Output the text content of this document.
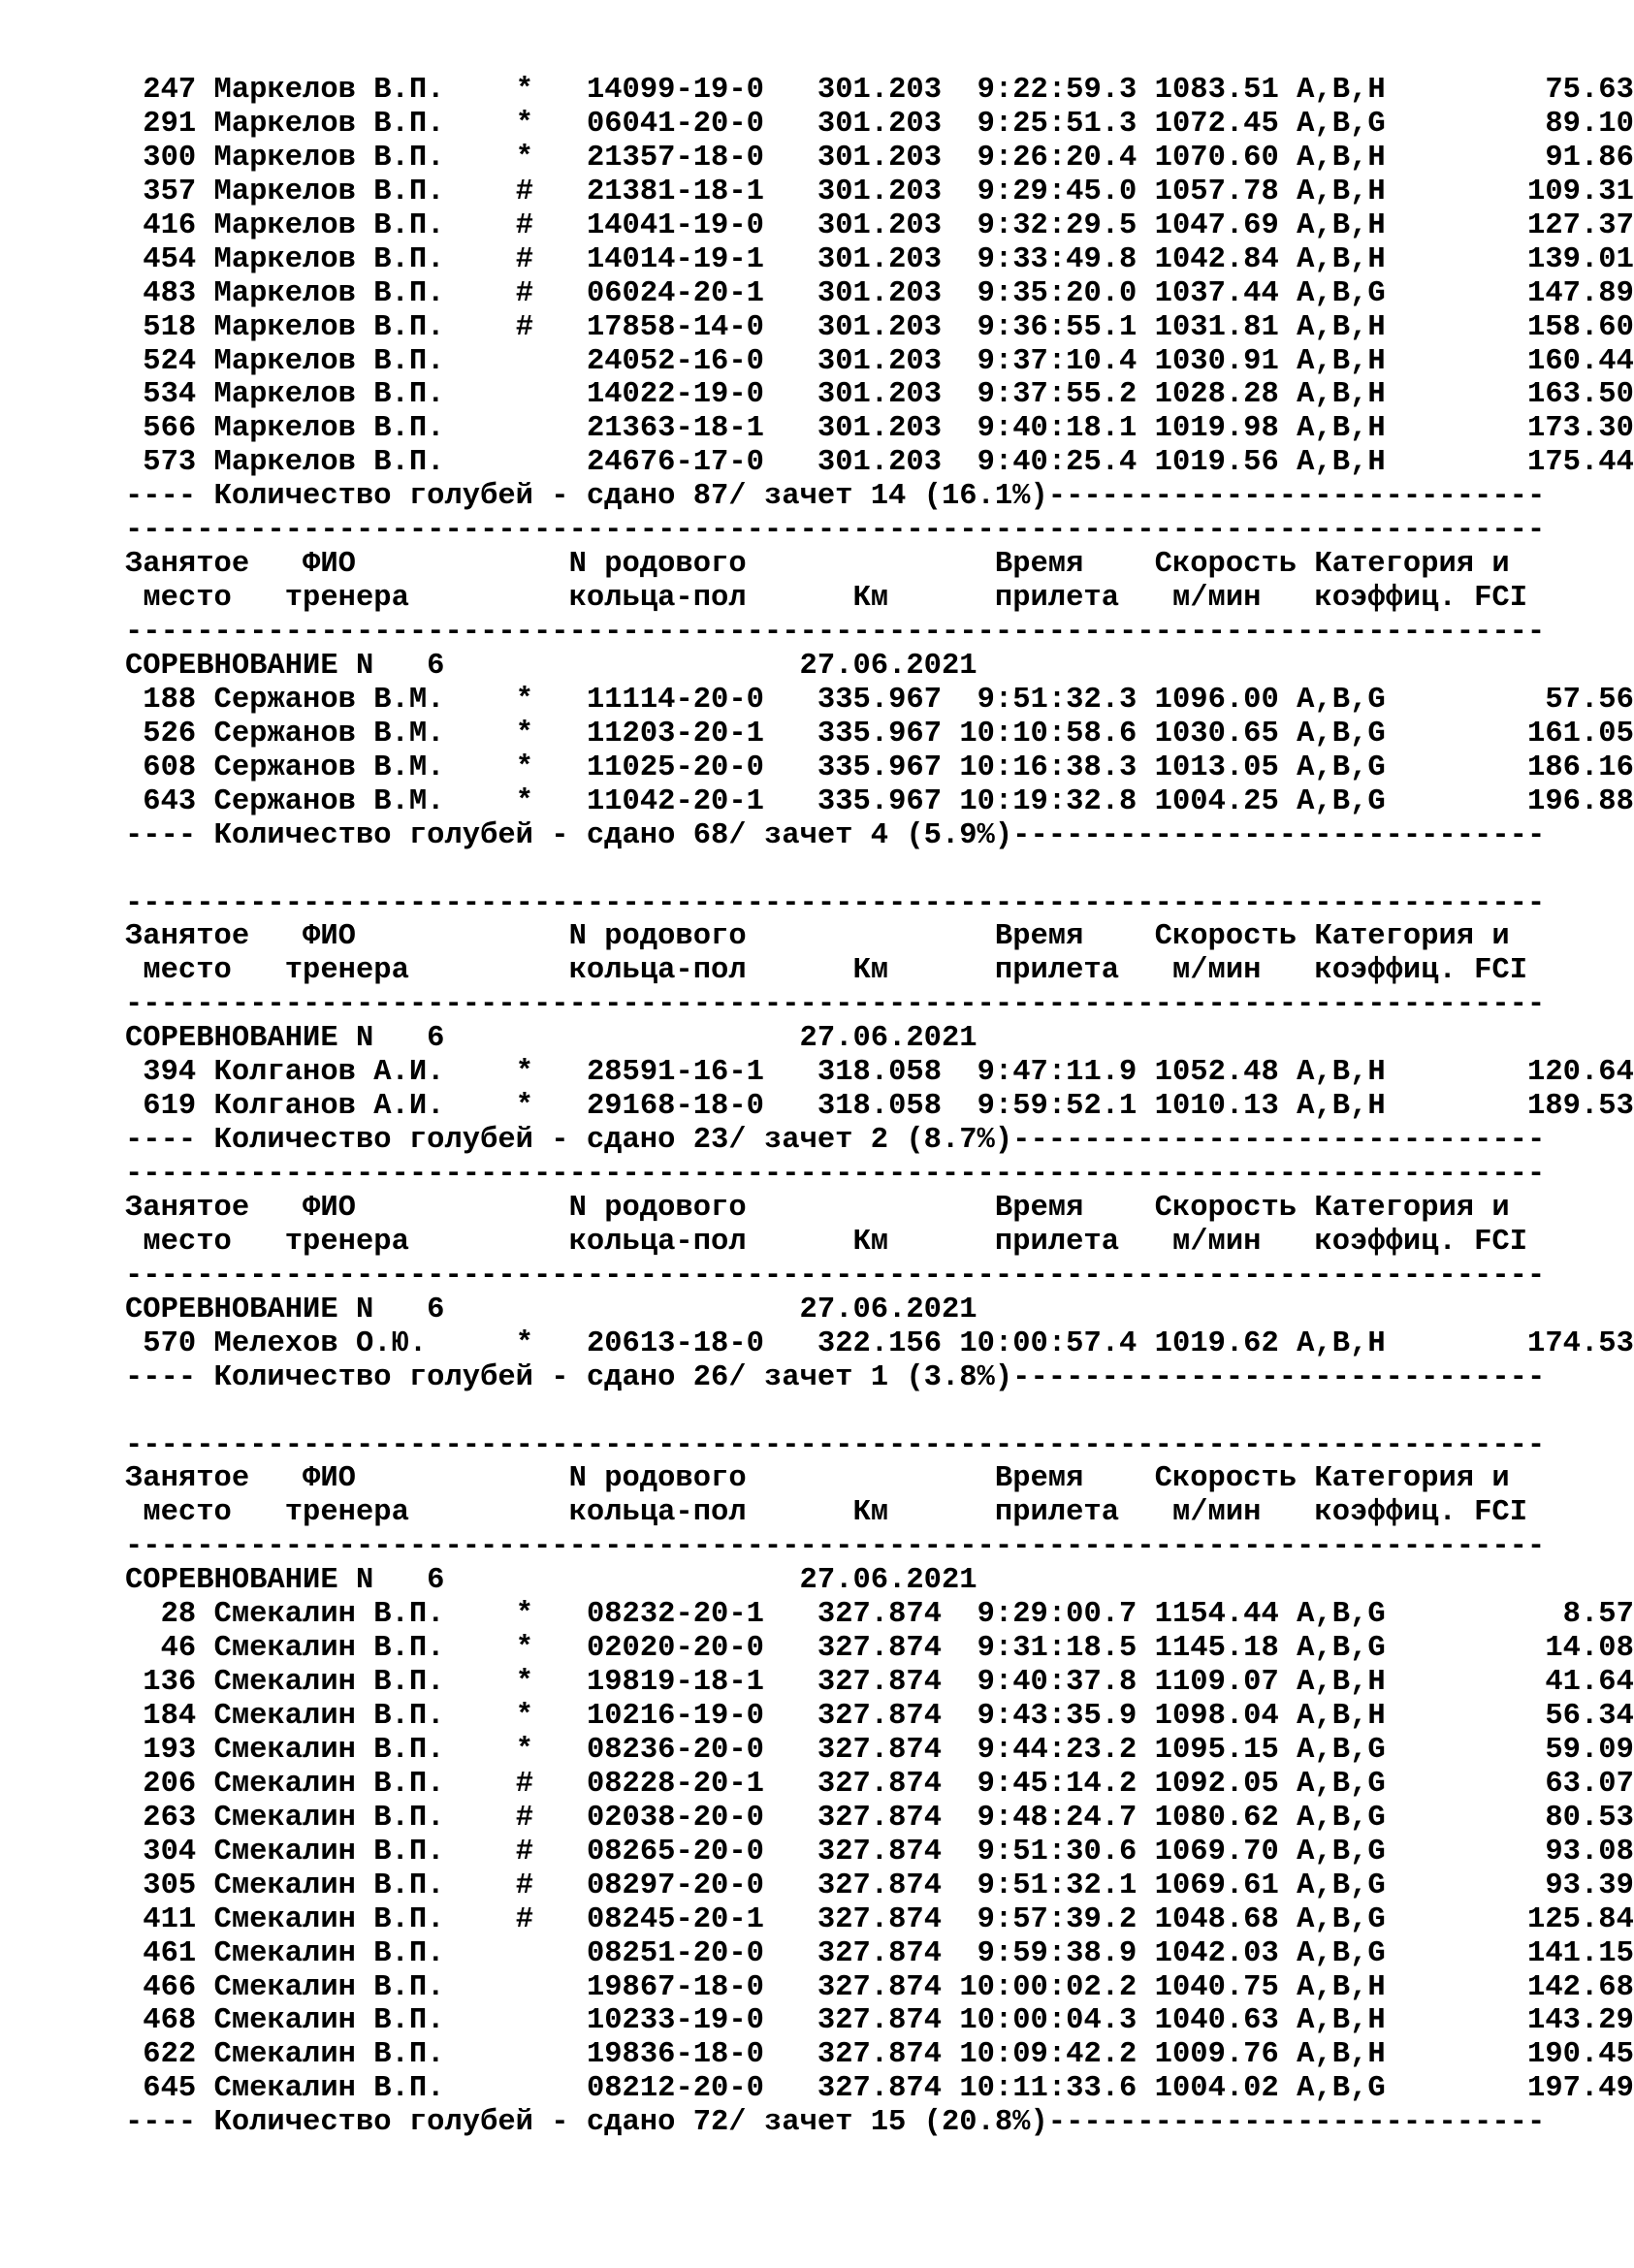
247 Маркелов В.П. * 14099-19-0 301.203  9:22:59.3 1083.51 A,B,H         75.63
291 Маркелов В.П. * 06041-20-0 301.203  9:25:51.3 1072.45 A,B,G         89.10
300 Маркелов В.П. * 21357-18-0 301.203  9:26:20.4 1070.60 A,B,H         91.86
357 Маркелов В.П. # 21381-18-1 301.203  9:29:45.0 1057.78 A,B,H        109.31
416 Маркелов В.П. # 14041-19-0 301.203  9:32:29.5 1047.69 A,B,H        127.37
454 Маркелов В.П. # 14014-19-1 301.203  9:33:49.8 1042.84 A,B,H        139.01
483 Маркелов В.П. # 06024-20-1 301.203  9:35:20.0 1037.44 A,B,G        147.89
518 Маркелов В.П. # 17858-14-0 301.203  9:36:55.1 1031.81 A,B,H        158.60
524 Маркелов В.П.	24052-16-0 301.203  9:37:10.4 1030.91 A,B,H        160.44
534 Маркелов В.П.	14022-19-0 301.203  9:37:55.2 1028.28 A,B,H        163.50
566 Маркелов В.П.	21363-18-1 301.203  9:40:18.1 1019.98 A,B,H        173.30
573 Маркелов В.П.	24676-17-0 301.203  9:40:25.4 1019.56 A,B,H        175.44
---- Количество голубей - сдано 87/ зачет 14 (16.1%)----------------------------
--------------------------------------------------------------------------------
Занятое ФИО	N родового	Время Скорость Категория и
место тренера	кольца-пол	Км	прилета м/мин коэффиц. FCI
--------------------------------------------------------------------------------
СОРЕВНОВАНИЕ N   6	27.06.2021
188 Сержанов В.М. * 11114-20-0 335.967  9:51:32.3 1096.00 A,B,G         57.56
526 Сержанов В.М. * 11203-20-1 335.967 10:10:58.6 1030.65 A,B,G        161.05
608 Сержанов В.М. * 11025-20-0 335.967 10:16:38.3 1013.05 A,B,G        186.16
643 Сержанов В.М. * 11042-20-1 335.967 10:19:32.8 1004.25 A,B,G        196.88
---- Количество голубей - сдано 68/ зачет 4 (5.9%)------------------------------
--------------------------------------------------------------------------------
Занятое ФИО	N родового	Время Скорость Категория и
место тренера	кольца-пол	Км	прилета м/мин коэффиц. FCI
--------------------------------------------------------------------------------
СОРЕВНОВАНИЕ N   6	27.06.2021
394 Колганов А.И. * 28591-16-1 318.058  9:47:11.9 1052.48 A,B,H        120.64
619 Колганов А.И. * 29168-18-0 318.058  9:59:52.1 1010.13 A,B,H        189.53
---- Количество голубей - сдано 23/ зачет 2 (8.7%)------------------------------
--------------------------------------------------------------------------------
Занятое ФИО	N родового	Время Скорость Категория и
место тренера	кольца-пол	Км	прилета м/мин коэффиц. FCI
--------------------------------------------------------------------------------
СОРЕВНОВАНИЕ N   6	27.06.2021
570 Мелехов О.Ю.     * 20613-18-0 322.156 10:00:57.4 1019.62 A,B,H        174.53
---- Количество голубей - сдано 26/ зачет 1 (3.8%)------------------------------
--------------------------------------------------------------------------------
Занятое ФИО	N родового	Время Скорость Категория и
место тренера	кольца-пол	Км	прилета м/мин коэффиц. FCI
--------------------------------------------------------------------------------
СОРЕВНОВАНИЕ N   6	27.06.2021
28 Смекалин В.П. * 08232-20-1 327.874  9:29:00.7 1154.44 A,B,G          8.57
46 Смекалин В.П. * 02020-20-0 327.874  9:31:18.5 1145.18 A,B,G         14.08
136 Смекалин В.П. * 19819-18-1 327.874  9:40:37.8 1109.07 A,B,H         41.64
184 Смекалин В.П. * 10216-19-0 327.874  9:43:35.9 1098.04 A,B,H         56.34
193 Смекалин В.П. * 08236-20-0 327.874  9:44:23.2 1095.15 A,B,G         59.09
206 Смекалин В.П. # 08228-20-1 327.874  9:45:14.2 1092.05 A,B,G         63.07
263 Смекалин В.П. # 02038-20-0 327.874  9:48:24.7 1080.62 A,B,G         80.53
304 Смекалин В.П. # 08265-20-0 327.874  9:51:30.6 1069.70 A,B,G         93.08
305 Смекалин В.П. # 08297-20-0 327.874  9:51:32.1 1069.61 A,B,G         93.39
411 Смекалин В.П. # 08245-20-1 327.874  9:57:39.2 1048.68 A,B,G        125.84
461 Смекалин В.П.	08251-20-0 327.874  9:59:38.9 1042.03 A,B,G        141.15
466 Смекалин В.П.	19867-18-0 327.874 10:00:02.2 1040.75 A,B,H        142.68
468 Смекалин В.П.	10233-19-0 327.874 10:00:04.3 1040.63 A,B,H        143.29
622 Смекалин В.П.	19836-18-0 327.874 10:09:42.2 1009.76 A,B,H        190.45
645 Смекалин В.П.	08212-20-0 327.874 10:11:33.6 1004.02 A,B,G        197.49
---- Количество голубей - сдано 72/ зачет 15 (20.8%)----------------------------
